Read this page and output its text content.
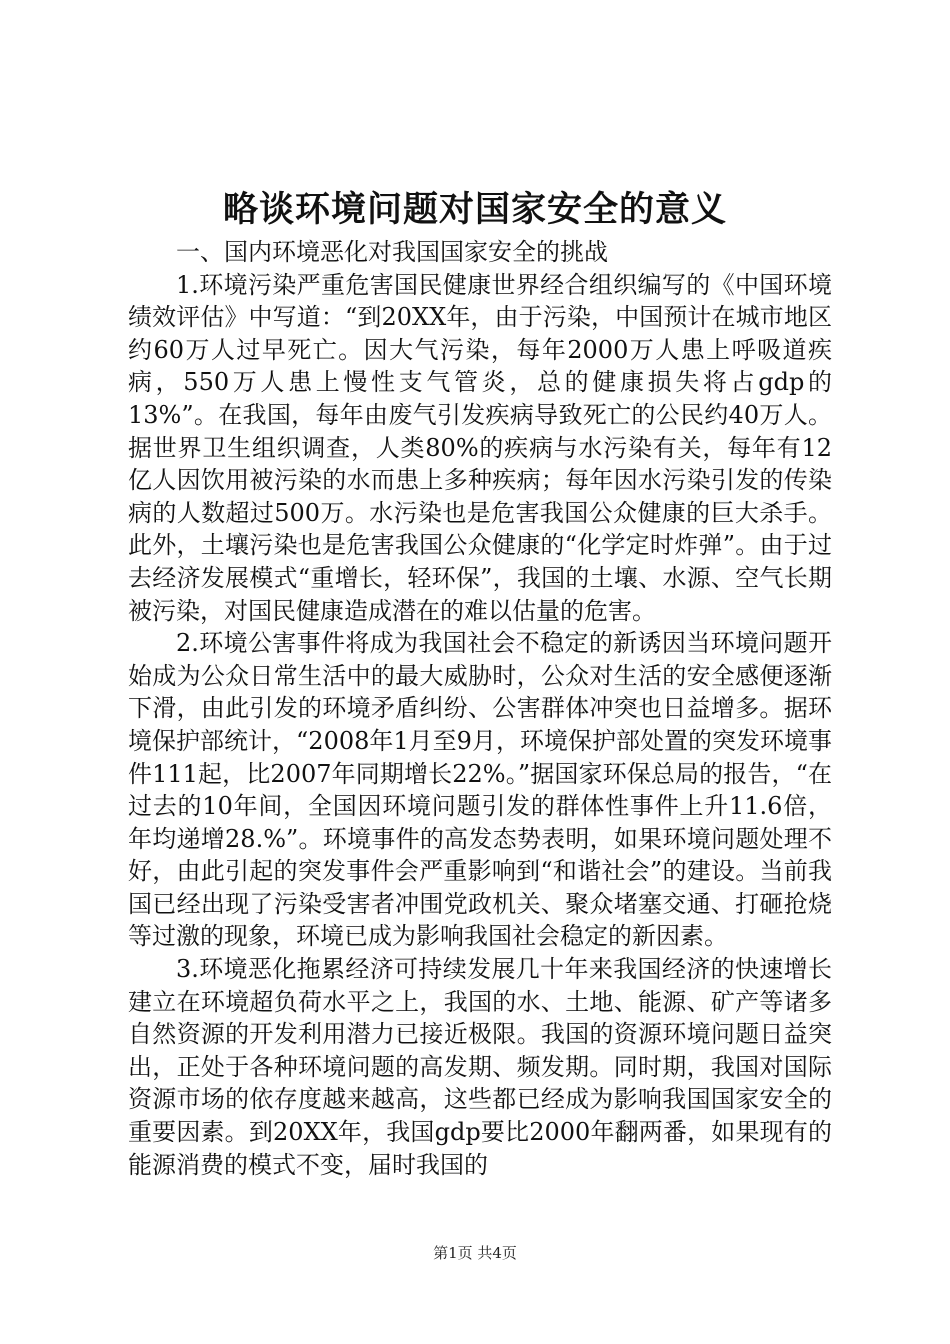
略谈环境问题对国家安全的意义

一、国内环境恶化对我国国家安全的挑战

1.环境污染严重危害国民健康世界经合组织编写的《中国环境绩效评估》中写道：“到20XX年，由于污染，中国预计在城市地区约60万人过早死亡。因大气污染，每年2000万人患上呼吸道疾病，550万人患上慢性支气管炎，总的健康损失将占gdp的13%”。在我国，每年由废气引发疾病导致死亡的公民约40万人。据世界卫生组织调查，人类80%的疾病与水污染有关，每年有12亿人因饮用被污染的水而患上多种疾病；每年因水污染引发的传染病的人数超过500万。水污染也是危害我国公众健康的巨大杀手。此外，土壤污染也是危害我国公众健康的“化学定时炸弹”。由于过去经济发展模式“重增长，轻环保”，我国的土壤、水源、空气长期被污染，对国民健康造成潜在的难以估量的危害。

2.环境公害事件将成为我国社会不稳定的新诱因当环境问题开始成为公众日常生活中的最大威胁时，公众对生活的安全感便逐渐下滑，由此引发的环境矛盾纠纷、公害群体冲突也日益增多。据环境保护部统计，“2008年1月至9月，环境保护部处置的突发环境事件111起，比2007年同期增长22%。”据国家环保总局的报告，“在过去的10年间，全国因环境问题引发的群体性事件上升11.6倍，年均递增28.%”。环境事件的高发态势表明，如果环境问题处理不好，由此引起的突发事件会严重影响到“和谐社会”的建设。当前我国已经出现了污染受害者冲围党政机关、聚众堵塞交通、打砸抢烧等过激的现象，环境已成为影响我国社会稳定的新因素。

3.环境恶化拖累经济可持续发展几十年来我国经济的快速增长建立在环境超负荷水平之上，我国的水、土地、能源、矿产等诸多自然资源的开发利用潜力已接近极限。我国的资源环境问题日益突出，正处于各种环境问题的高发期、频发期。同时期，我国对国际资源市场的依存度越来越高，这些都已经成为影响我国国家安全的重要因素。到20XX年，我国gdp要比2000年翻两番，如果现有的能源消费的模式不变，届时我国的

第1页 共4页
